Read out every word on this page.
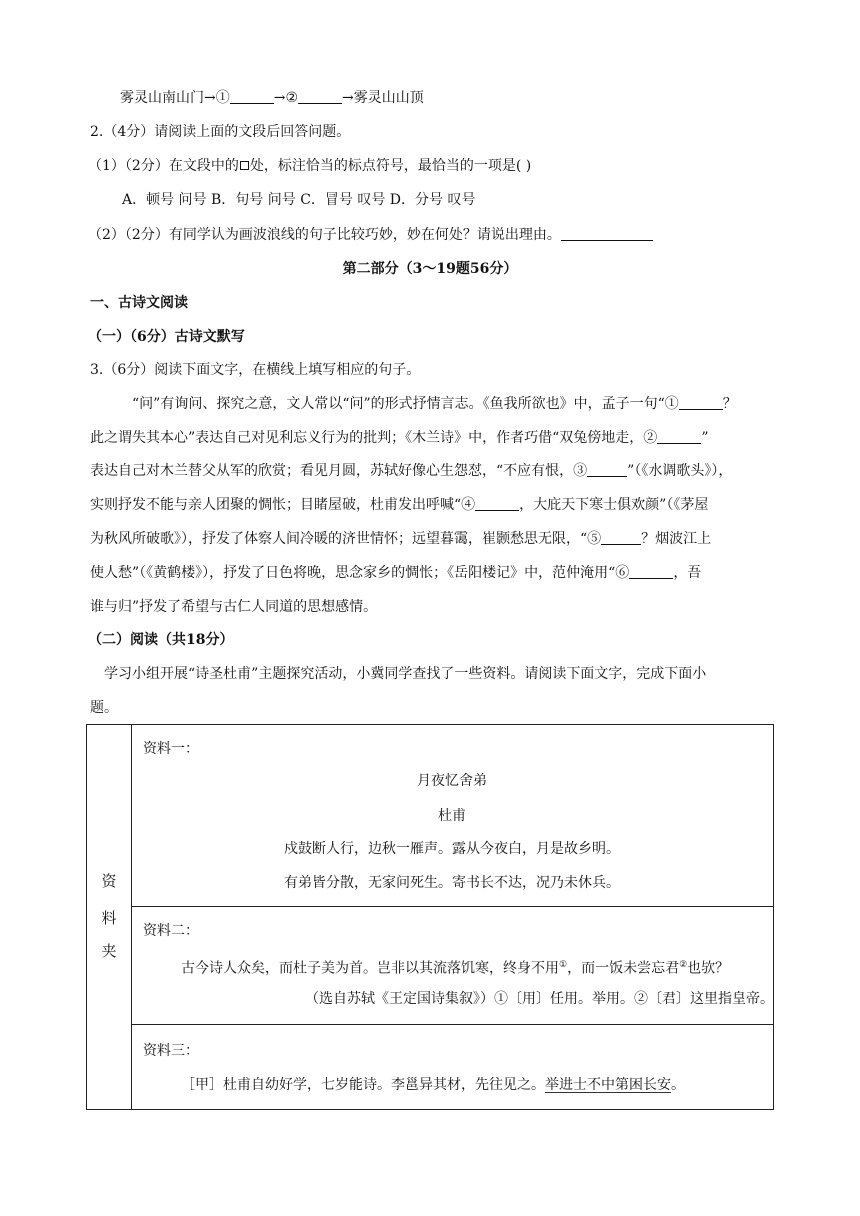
雾灵山南山门→①	→②	→雾灵山山顶
2.（4分）请阅读上面的文段后回答问题。
（1）（2分）在文段中的 处，标注恰当的标点符号，最恰当的一项是( )
A．顿号 问号 B．句号 问号 C．冒号 叹号 D．分号 叹号
（2）（2分）有同学认为画波浪线的句子比较巧妙，妙在何处？请说出理由。
第二部分（3～19题56分）
一、古诗文阅读
（一）（6分）古诗文默写
3.（6分）阅读下面文字，在横线上填写相应的句子。
“问”有询问、探究之意，文人常以“问”的形式抒情言志。《鱼我所欲也》中，孟子一句“①	？
此之谓失其本心”表达自己对见利忘义行为的批判；《木兰诗》中，作者巧借“双兔傍地走，②	”
表达自己对木兰替父从军的欣赏；看见月圆，苏轼好像心生怨怼，“不应有恨，③	”（《水调歌头》），
实则抒发不能与亲人团聚的惆怅；目睹屋破，杜甫发出呼喊“④	，大庇天下寒士俱欢颜”（《茅屋
为秋风所破歌》），抒发了体察人间冷暖的济世情怀；远望暮霭，崔颢愁思无限，“⑤	？烟波江上
使人愁”（《黄鹤楼》），抒发了日色将晚，思念家乡的惆怅；《岳阳楼记》中，范仲淹用“⑥	，吾
谁与归”抒发了希望与古仁人同道的思想感情。
（二）阅读（共18分）
学习小组开展“诗圣杜甫”主题探究活动，小冀同学查找了一些资料。请阅读下面文字，完成下面小
题。
资
料
夹
资料一：
月夜忆舍弟
杜甫
戍鼓断人行，边秋一雁声。露从今夜白，月是故乡明。
有弟皆分散，无家问死生。寄书长不达，况乃未休兵。
资料二：
古今诗人众矣，而杜子美为首。岂非以其流落饥寒，终身不用①，而一饭未尝忘君②也欤？
（选自苏轼《王定国诗集叙》）①〔用〕任用。举用。②〔君〕这里指皇帝。
资料三：
［甲］杜甫自幼好学，七岁能诗。李邕异其材，先往见之。举进士不中第困长安。
